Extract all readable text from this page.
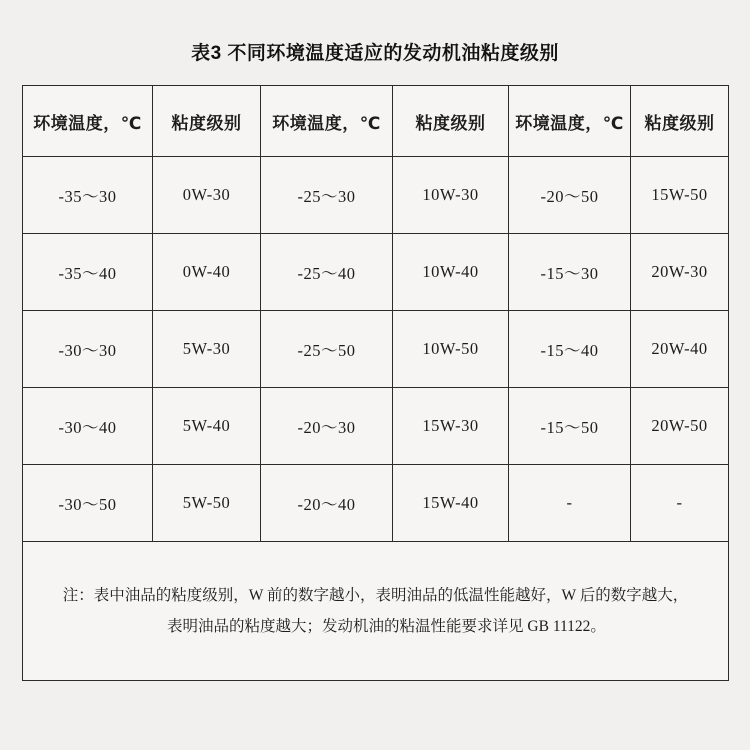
表3 不同环境温度适应的发动机油粘度级别
环境温度，℃	粘度级别	环境温度，℃	粘度级别	环境温度，℃	粘度级别
-35～30	0W-30	-25～30	10W-30	-20～50	15W-50
-35～40	0W-40	-25～40	10W-40	-15～30	20W-30
-30～30	5W-30	-25～50	10W-50	-15～40	20W-40
-30～40	5W-40	-20～30	15W-30	-15～50	20W-50
-30～50	5W-50	-20～40	15W-40	-	-

注：表中油品的粘度级别，W 前的数字越小，表明油品的低温性能越好，W 后的数字越大，
表明油品的粘度越大；发动机油的粘温性能要求详见 GB 11122。					
